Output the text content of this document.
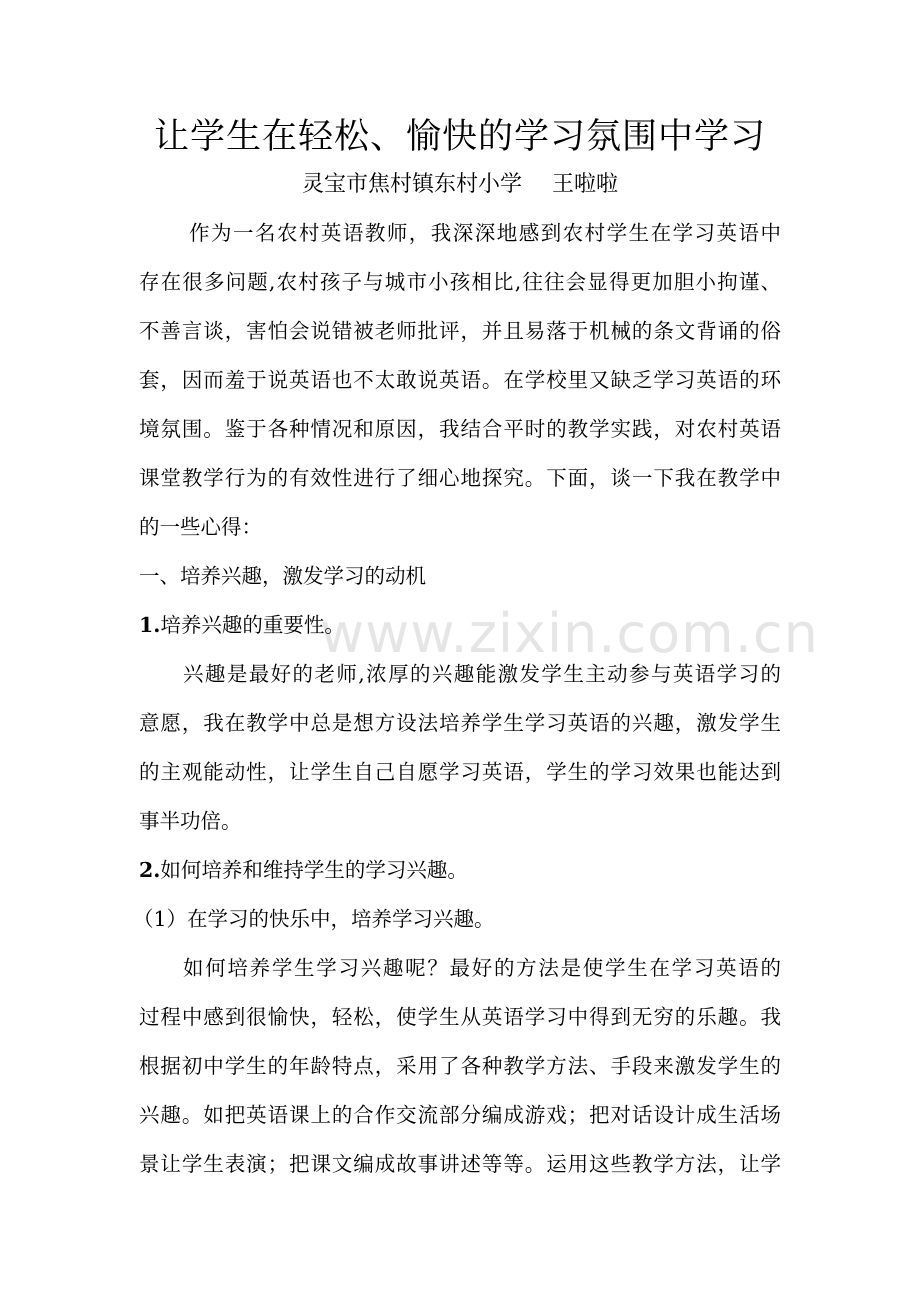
让学生在轻松、愉快的学习氛围中学习
灵宝市焦村镇东村小学 王啦啦
作为一名农村英语教师，我深深地感到农村学生在学习英语中
存在很多问题,农村孩子与城市小孩相比,往往会显得更加胆小拘谨、
不善言谈，害怕会说错被老师批评，并且易落于机械的条文背诵的俗
套，因而羞于说英语也不太敢说英语。在学校里又缺乏学习英语的环
境氛围。鉴于各种情况和原因，我结合平时的教学实践，对农村英语
课堂教学行为的有效性进行了细心地探究。下面，谈一下我在教学中
的一些心得：
一、培养兴趣，激发学习的动机
1.培养兴趣的重要性。
兴趣是最好的老师,浓厚的兴趣能激发学生主动参与英语学习的
意愿，我在教学中总是想方设法培养学生学习英语的兴趣，激发学生
的主观能动性，让学生自己自愿学习英语，学生的学习效果也能达到
事半功倍。
2.如何培养和维持学生的学习兴趣。
（1）在学习的快乐中，培养学习兴趣。
如何培养学生学习兴趣呢？最好的方法是使学生在学习英语的
过程中感到很愉快，轻松，使学生从英语学习中得到无穷的乐趣。我
根据初中学生的年龄特点，采用了各种教学方法、手段来激发学生的
兴趣。如把英语课上的合作交流部分编成游戏；把对话设计成生活场
景让学生表演；把课文编成故事讲述等等。运用这些教学方法，让学
www.zixin.com.cn
